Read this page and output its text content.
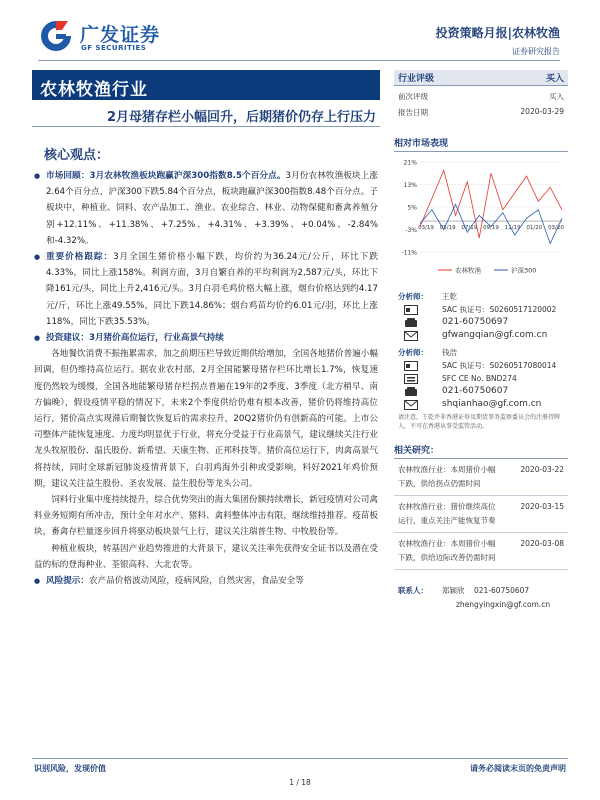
广发证券
GF SECURITIES
投资策略月报|农林牧渔
证券研究报告
农林牧渔行业
2月母猪存栏小幅回升，后期猪价仍存上行压力
核心观点：
● 市场回顾：3月农林牧渔板块跑赢沪深300指数8.5个百分点。3月份农林牧渔板块上涨2.64个百分点，沪深300下跌5.84个百分点，板块跑赢沪深300指数8.48个百分点。子板块中，种植业、饲料、农产品加工、渔业、农业综合、林业、动物保健和畜禽养殖分别+12.11%、+11.38%、+7.25%、+4.31%、+3.39%、+0.04%、-2.84%和-4.32%。
● 重要价格跟踪：3月全国生猪价格小幅下跌，均价约为36.24元/公斤，环比下跌4.33%，同比上涨158%。利润方面，3月自繁自养的平均利润为2,587元/头，环比下降161元/头，同比上升2,416元/头。3月白羽毛鸡价格大幅上涨，烟台价格达到约4.17元/斤，环比上涨49.55%，同比下跌14.86%；烟台鸡苗均价约6.01元/羽，环比上涨118%，同比下跌35.53%。
● 投资建议：3月猪价高位运行，行业高景气持续
各地餐饮消费不振拖累需求，加之前期压栏导致近期供给增加，全国各地猪价普遍小幅回调，但仍维持高位运行。据农业农村部，2月全国能繁母猪存栏环比增长1.7%，恢复速度仍然较为缓慢，全国各地能繁母猪存栏拐点普遍在19年的2季度、3季度（北方稍早、南方偏晚），假设疫情平稳的情况下，未来2个季度供给仍难有根本改善，猪价仍将维持高位运行，猪价高点实现滞后期餐饮恢复后的需求拉升，20Q2猪价仍有创新高的可能。上市公司整体产能恢复速度、力度均明显优于行业，将充分受益于行业高景气，建议继续关注行业龙头牧原股份、温氏股份、新希望、天康生物、正邦科技等。猪价高位运行下，肉禽高景气将持续，同时全球新冠肺炎疫情背景下，白羽鸡海外引种或受影响，料好2021年鸡价预期，建议关注益生股份、圣农发展、益生股份等龙头公司。
饲料行业集中度持续提升，综合优势突出的海大集团份额持续增长，新冠疫情对公司禽料业务短期有所冲击，预计全年对水产、猪料、禽料整体冲击有限，继续维持推荐。疫苗板块，畜禽存栏量逐步回升将驱动板块景气上行，建议关注瑞普生物、中牧股份等。
种植业板块，转基因产业趋势推进的大背景下，建议关注率先获得安全证书以及潜在受益的标的登海种业、荃银高科、大北农等。
● 风险提示：农产品价格波动风险，疫病风险，自然灾害，食品安全等
行业评级	买入
前次评级	买入
报告日期	2020-03-29
相对市场表现
21%
13%
5%
-3%
-11%
03/19 05/19 07/19 09/19 11/19 01/20 03/20
农林牧渔	沪深300
分析师： 王乾
SAC 执证号：S0260517120002
021-60750697
gfwangqian@gf.com.cn
分析师： 钱浩
SAC 执证号：S0260517080014
SFC CE No. BND274
021-60750607
shqianhao@gf.com.cn
请注意，王乾并非香港证券及期货事务监察委员会的注册持牌人，不可在香港从事受监管活动。
相关研究：
农林牧渔行业：本周猪价小幅	2020-03-22
下跌，供给拐点仍需时间
农林牧渔行业：猪价继续高位	2020-03-15
运行，重点关注产能恢复节奏
农林牧渔行业：本周猪价小幅	2020-03-08
下跌，供给边际改善仍需时间
联系人： 郑颖欣 021-60750607
zhengyingxin@gf.com.cn
识别风险，发现价值	请务必阅读末页的免责声明
1 / 18
